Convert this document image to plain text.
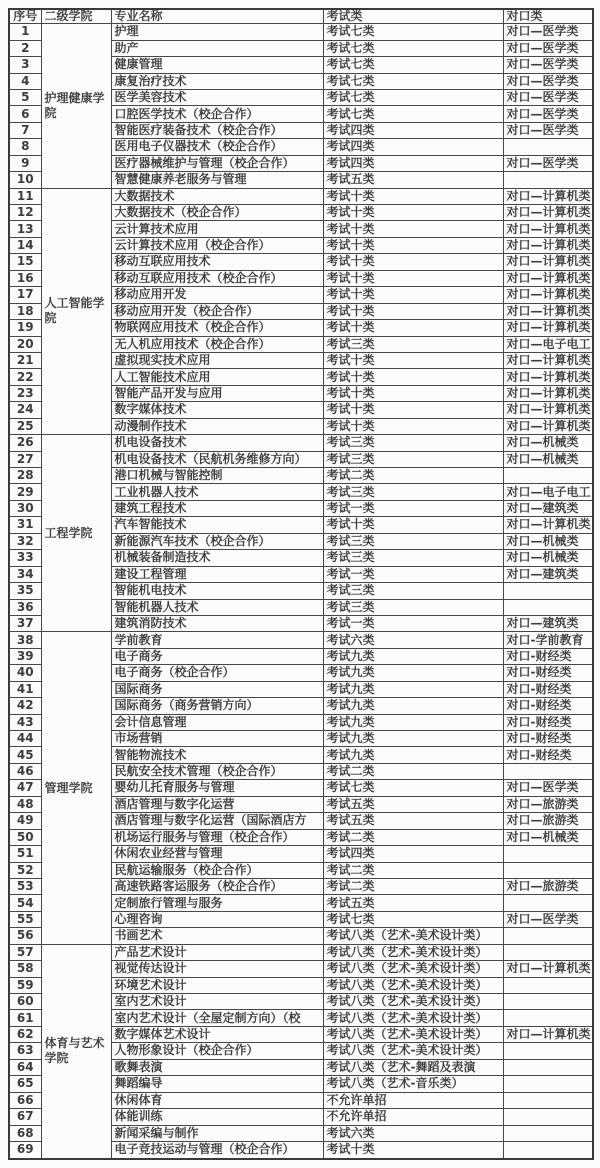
序号	二级学院	专业名称	考试类	对口类
1	护理健康学院	护理	考试七类	对口—医学类
2		助产	考试七类	对口—医学类
3		健康管理	考试七类	对口—医学类
4		康复治疗技术	考试七类	对口—医学类
5		医学美容技术	考试七类	对口—医学类
6		口腔医学技术（校企合作）	考试七类	对口—医学类
7		智能医疗装备技术（校企合作）	考试四类	对口—医学类
8		医用电子仪器技术（校企合作）	考试四类	
9		医疗器械维护与管理（校企合作）	考试四类	对口—医学类
10		智慧健康养老服务与管理	考试五类	
11	人工智能学院	大数据技术	考试十类	对口—计算机类
12		大数据技术（校企合作）	考试十类	对口—计算机类
13		云计算技术应用	考试十类	对口—计算机类
14		云计算技术应用（校企合作）	考试十类	对口—计算机类
15		移动互联应用技术	考试十类	对口—计算机类
16		移动互联应用技术（校企合作）	考试十类	对口—计算机类
17		移动应用开发	考试十类	对口—计算机类
18		移动应用开发（校企合作）	考试十类	对口—计算机类
19		物联网应用技术（校企合作）	考试十类	对口—计算机类
20		无人机应用技术（校企合作）	考试三类	对口—电子电工
21		虚拟现实技术应用	考试十类	对口—计算机类
22		人工智能技术应用	考试十类	对口—计算机类
23		智能产品开发与应用	考试十类	对口—计算机类
24		数字媒体技术	考试十类	对口—计算机类
25		动漫制作技术	考试十类	对口—计算机类
26	工程学院	机电设备技术	考试三类	对口—机械类
27		机电设备技术（民航机务维修方向）	考试三类	对口—机械类
28		港口机械与智能控制	考试二类	
29		工业机器人技术	考试三类	对口—电子电工
30		建筑工程技术	考试一类	对口—建筑类
31		汽车智能技术	考试十类	对口—计算机类
32		新能源汽车技术（校企合作）	考试三类	对口—机械类
33		机械装备制造技术	考试三类	对口—机械类
34		建设工程管理	考试一类	对口—建筑类
35		智能机电技术	考试三类	
36		智能机器人技术	考试三类	
37		建筑消防技术	考试一类	对口—建筑类
38	管理学院	学前教育	考试六类	对口-学前教育
39		电子商务	考试九类	对口-财经类
40		电子商务（校企合作）	考试九类	对口-财经类
41		国际商务	考试九类	对口-财经类
42		国际商务（商务营销方向）	考试九类	对口-财经类
43		会计信息管理	考试九类	对口-财经类
44		市场营销	考试九类	对口-财经类
45		智能物流技术	考试九类	对口-财经类
46		民航安全技术管理（校企合作）	考试二类	
47		婴幼儿托育服务与管理	考试七类	对口—医学类
48		酒店管理与数字化运营	考试五类	对口—旅游类
49		酒店管理与数字化运营（国际酒店方	考试五类	对口—旅游类
50		机场运行服务与管理（校企合作）	考试二类	对口—机械类
51		休闲农业经营与管理	考试四类	
52		民航运输服务（校企合作）	考试二类	
53		高速铁路客运服务（校企合作）	考试二类	对口—旅游类
54		定制旅行管理与服务	考试五类	
55		心理咨询	考试七类	对口—医学类
56		书画艺术	考试八类（艺术-美术设计类）	
57	体育与艺术学院	产品艺术设计	考试八类（艺术-美术设计类）	
58		视觉传达设计	考试八类（艺术-美术设计类）	对口—计算机类
59		环境艺术设计	考试八类（艺术-美术设计类）	
60		室内艺术设计	考试八类（艺术-美术设计类）	
61		室内艺术设计（全屋定制方向）（校	考试八类（艺术-美术设计类）	
62		数字媒体艺术设计	考试八类（艺术-美术设计类）	对口—计算机类
63		人物形象设计（校企合作）	考试八类（艺术-美术设计类）	
64		歌舞表演	考试八类（艺术-舞蹈及表演	
65		舞蹈编导	考试八类（艺术-音乐类）	
66		休闲体育	不允许单招	
67		体能训练	不允许单招	
68		新闻采编与制作	考试六类	
69		电子竞技运动与管理（校企合作）	考试十类	
